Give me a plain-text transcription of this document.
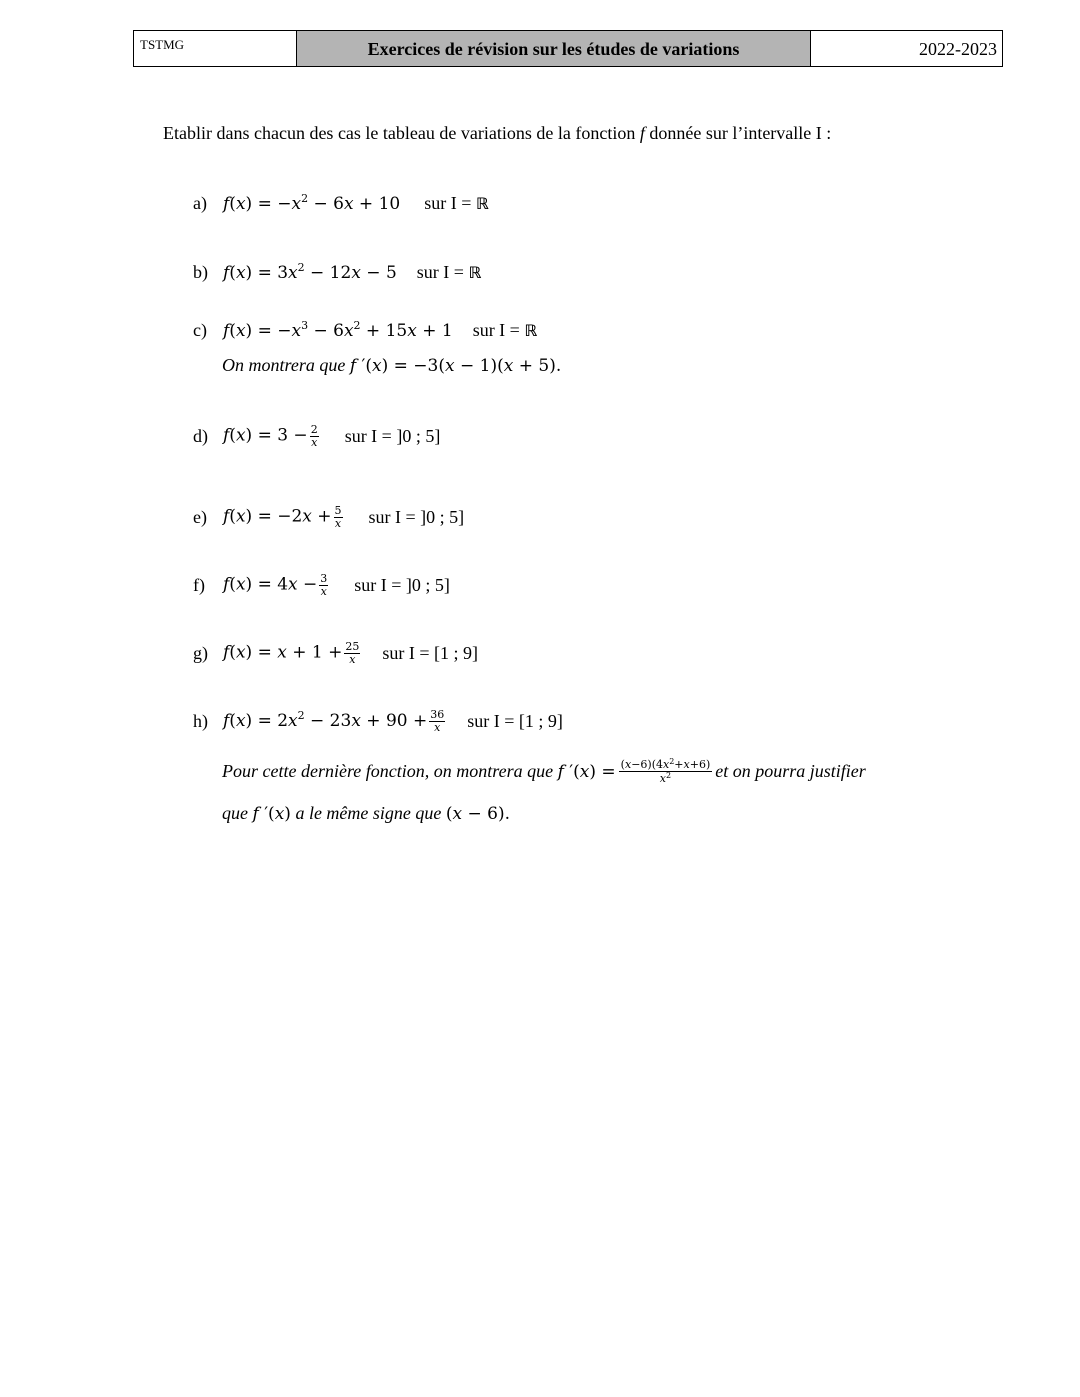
TSTMG	Exercices de révision sur les études de variations	2022-2023
Etablir dans chacun des cas le tableau de variations de la fonction f donnée sur l’intervalle I :
a) $f(x) = -x^2 - 6x + 10$ sur I = ℝ
b) $f(x) = 3x^2 - 12x - 5$ sur I = ℝ
c) $f(x) = -x^3 - 6x^2 + 15x + 1$ sur I = ℝ
On montrera que f ′(x) = −3(x − 1)(x + 5).
d) $f(x) = 3 - \frac{2}{x}$ sur I = ]0 ; 5]
e) $f(x) = -2x + \frac{5}{x}$ sur I = ]0 ; 5]
f)	$f(x) = 4x - \frac{3}{x}$ sur I = ]0 ; 5]
g) $f(x) = x + 1 + \frac{25}{x}$ sur I = [1 ; 9]
h) $f(x) = 2x^2 - 23x + 90 + \frac{36}{x}$ sur I = [1 ; 9]
Pour cette dernière fonction, on montrera que f $'(x) = \frac{(x-6)(4x^2+x+6)}{x^2}$ et on pourra justifier
que f ′(x) a le même signe que (x − 6).
